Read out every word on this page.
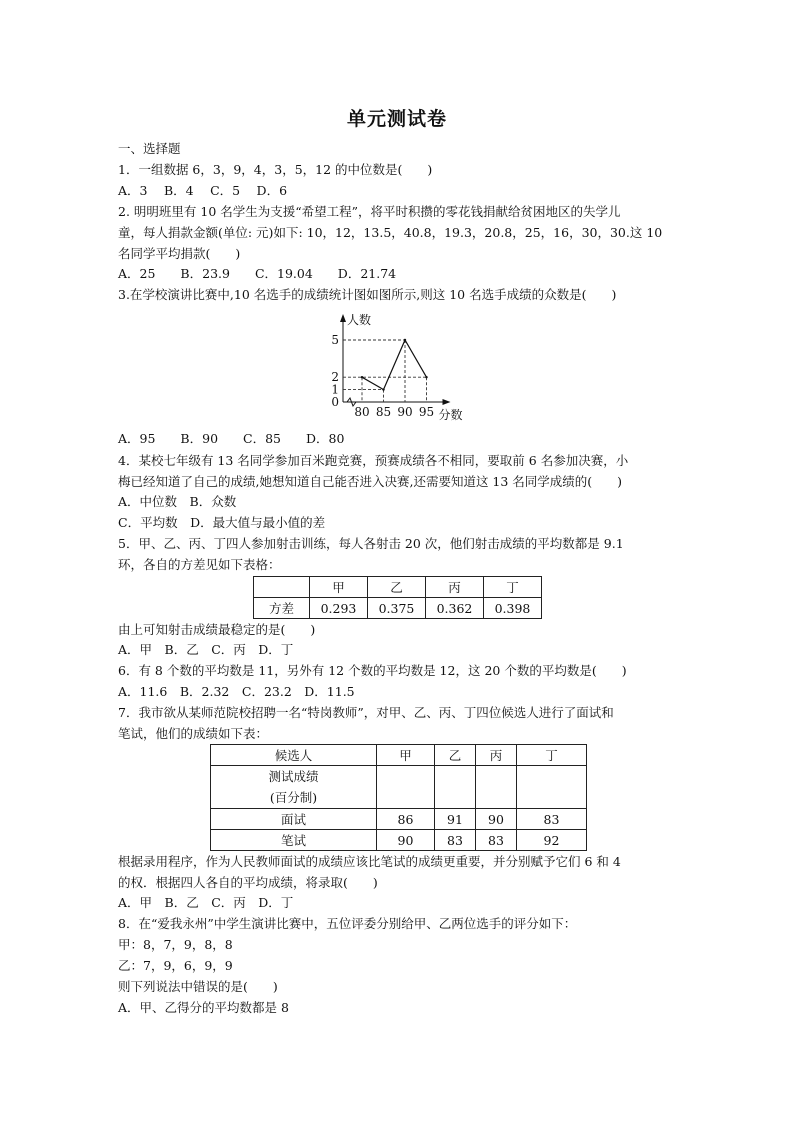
单元测试卷
一、选择题
1．一组数据 6，3，9，4，3，5，12 的中位数是(　　)
A．3　 B．4　 C．5　 D．6
2. 明明班里有 10 名学生为支援“希望工程”，将平时积攒的零花钱捐献给贫困地区的失学儿
童，每人捐款金额(单位: 元)如下: 10，12，13.5，40.8，19.3，20.8，25，16，30，30.这 10
名同学平均捐款(　　)
A．25　　B．23.9　　C．19.04　　D．21.74
3.在学校演讲比赛中,10 名选手的成绩统计图如图所示,则这 10 名选手成绩的众数是(　　)
80 85 90 95
0
1
2
5
人数
分数
A．95　　B．90　　C．85　　D．80
4．某校七年级有 13 名同学参加百米跑竞赛，预赛成绩各不相同，要取前 6 名参加决赛，小
梅已经知道了自己的成绩,她想知道自己能否进入决赛,还需要知道这 13 名同学成绩的(　　)
A．中位数　B．众数
C．平均数　D．最大值与最小值的差
5．甲、乙、丙、丁四人参加射击训练，每人各射击 20 次，他们射击成绩的平均数都是 9.1
环，各自的方差见如下表格：
	甲	乙	丙	丁
方差	0.293	0.375	0.362	0.398
由上可知射击成绩最稳定的是(　　)
A．甲　B．乙　C．丙　D．丁
6．有 8 个数的平均数是 11，另外有 12 个数的平均数是 12，这 20 个数的平均数是(　　)
A．11.6　B．2.32　C．23.2　D．11.5
7．我市欲从某师范院校招聘一名“特岗教师”，对甲、乙、丙、丁四位候选人进行了面试和
笔试，他们的成绩如下表：
候选人	甲	乙	丙	丁

测试成绩
(百分制)				

面试	86	91	90	83
笔试	90	83	83	92
根据录用程序，作为人民教师面试的成绩应该比笔试的成绩更重要，并分别赋予它们 6 和 4
的权．根据四人各自的平均成绩，将录取(　　)
A．甲　B．乙　C．丙　D．丁
8．在“爱我永州”中学生演讲比赛中，五位评委分别给甲、乙两位选手的评分如下：
甲：8，7，9，8，8
乙：7，9，6，9，9
则下列说法中错误的是(　　)
A．甲、乙得分的平均数都是 8
